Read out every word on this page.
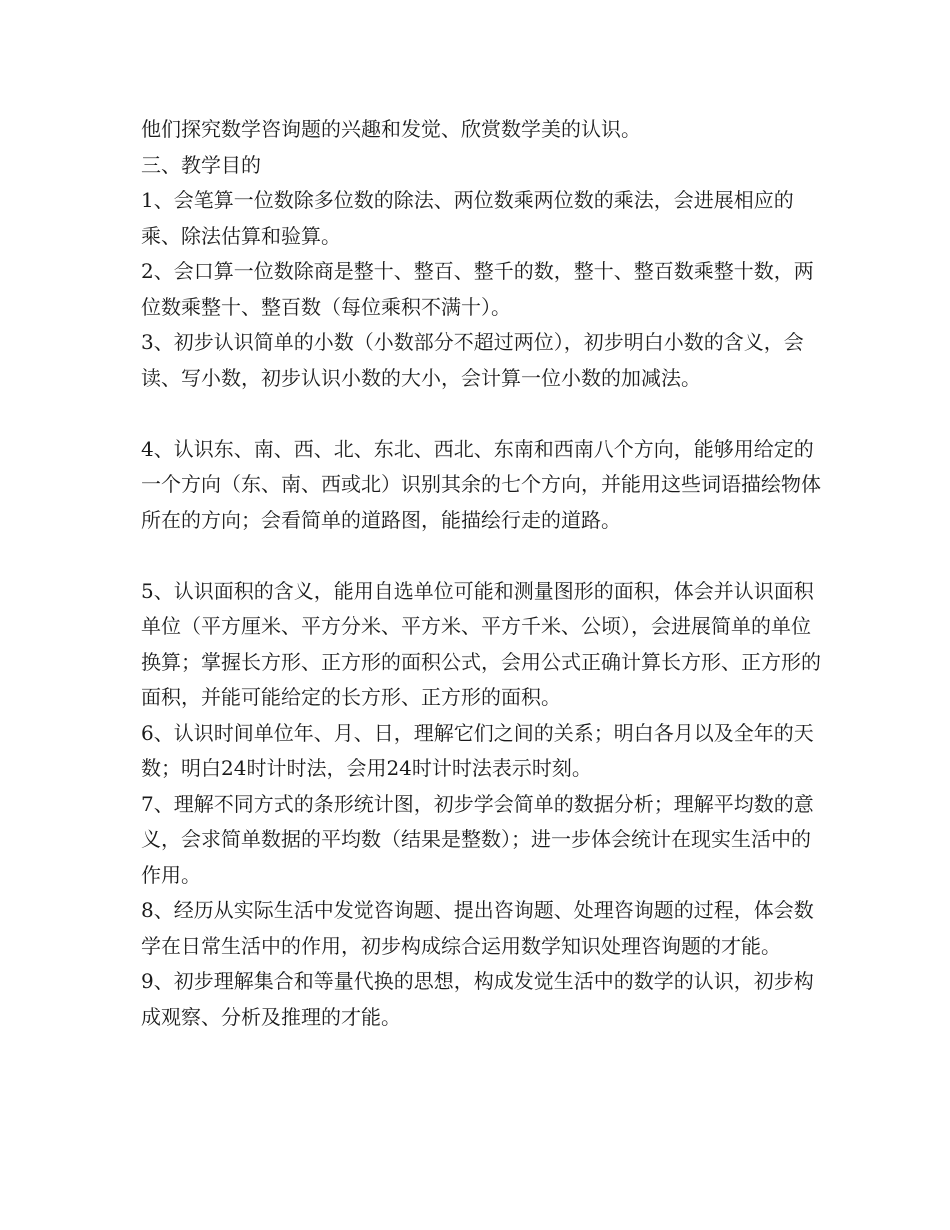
他们探究数学咨询题的兴趣和发觉、欣赏数学美的认识。

三、教学目的

1、会笔算一位数除多位数的除法、两位数乘两位数的乘法，会进展相应的乘、除法估算和验算。

2、会口算一位数除商是整十、整百、整千的数，整十、整百数乘整十数，两位数乘整十、整百数（每位乘积不满十）。

3、初步认识简单的小数（小数部分不超过两位），初步明白小数的含义，会读、写小数，初步认识小数的大小，会计算一位小数的加减法。

4、认识东、南、西、北、东北、西北、东南和西南八个方向，能够用给定的一个方向（东、南、西或北）识别其余的七个方向，并能用这些词语描绘物体所在的方向；会看简单的道路图，能描绘行走的道路。

5、认识面积的含义，能用自选单位可能和测量图形的面积，体会并认识面积单位（平方厘米、平方分米、平方米、平方千米、公顷），会进展简单的单位换算；掌握长方形、正方形的面积公式，会用公式正确计算长方形、正方形的面积，并能可能给定的长方形、正方形的面积。

6、认识时间单位年、月、日，理解它们之间的关系；明白各月以及全年的天数；明白24时计时法，会用24时计时法表示时刻。

7、理解不同方式的条形统计图，初步学会简单的数据分析；理解平均数的意义，会求简单数据的平均数（结果是整数）；进一步体会统计在现实生活中的作用。

8、经历从实际生活中发觉咨询题、提出咨询题、处理咨询题的过程，体会数学在日常生活中的作用，初步构成综合运用数学知识处理咨询题的才能。

9、初步理解集合和等量代换的思想，构成发觉生活中的数学的认识，初步构成观察、分析及推理的才能。
